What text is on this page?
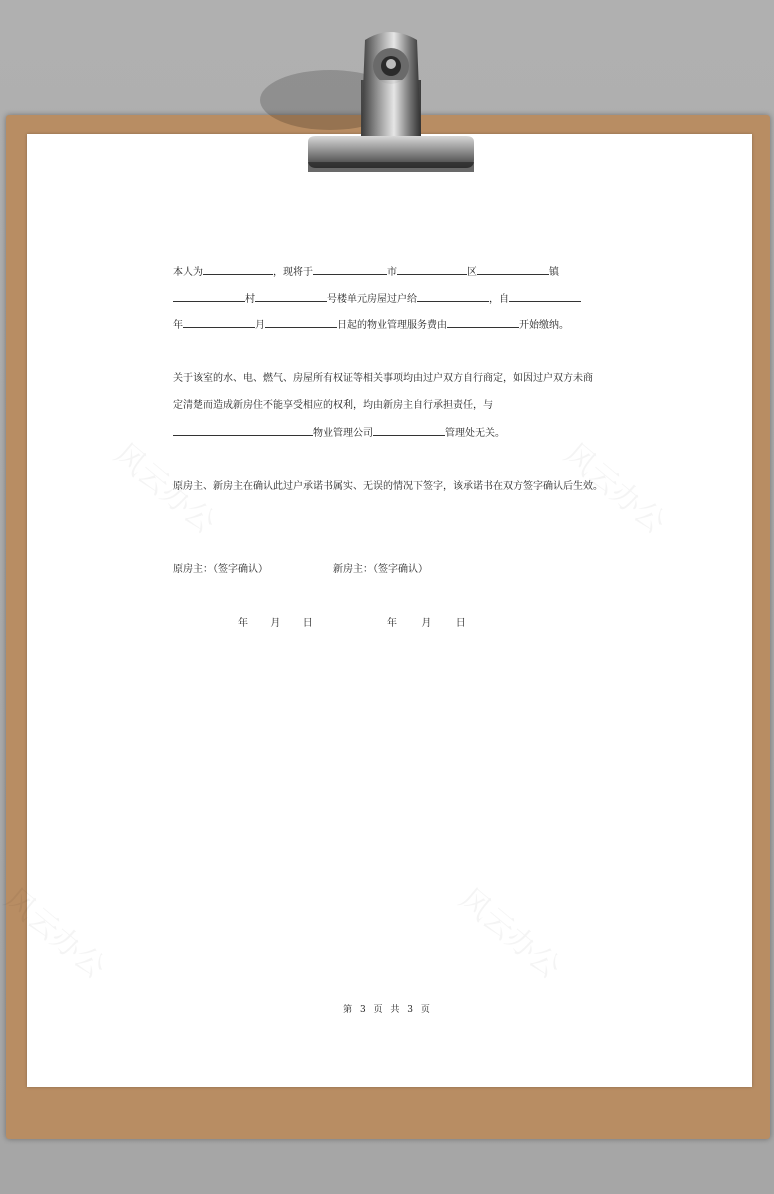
本人为	，现将于	市	区	镇
村	号楼单元房屋过户给	，自
年	月	日起的物业管理服务费由	开始缴纳。
关于该室的水、电、燃气、房屋所有权证等相关事项均由过户双方自行商定，如因过户双方未商
定清楚而造成新房住不能享受相应的权利，均由新房主自行承担责任，与
物业管理公司	管理处无关。
原房主、新房主在确认此过户承诺书属实、无误的情况下签字，该承诺书在双方签字确认后生效。
原房主：（签字确认）	新房主：（签字确认）
年 月 日	年 月 日
第 3 页 共 3 页
